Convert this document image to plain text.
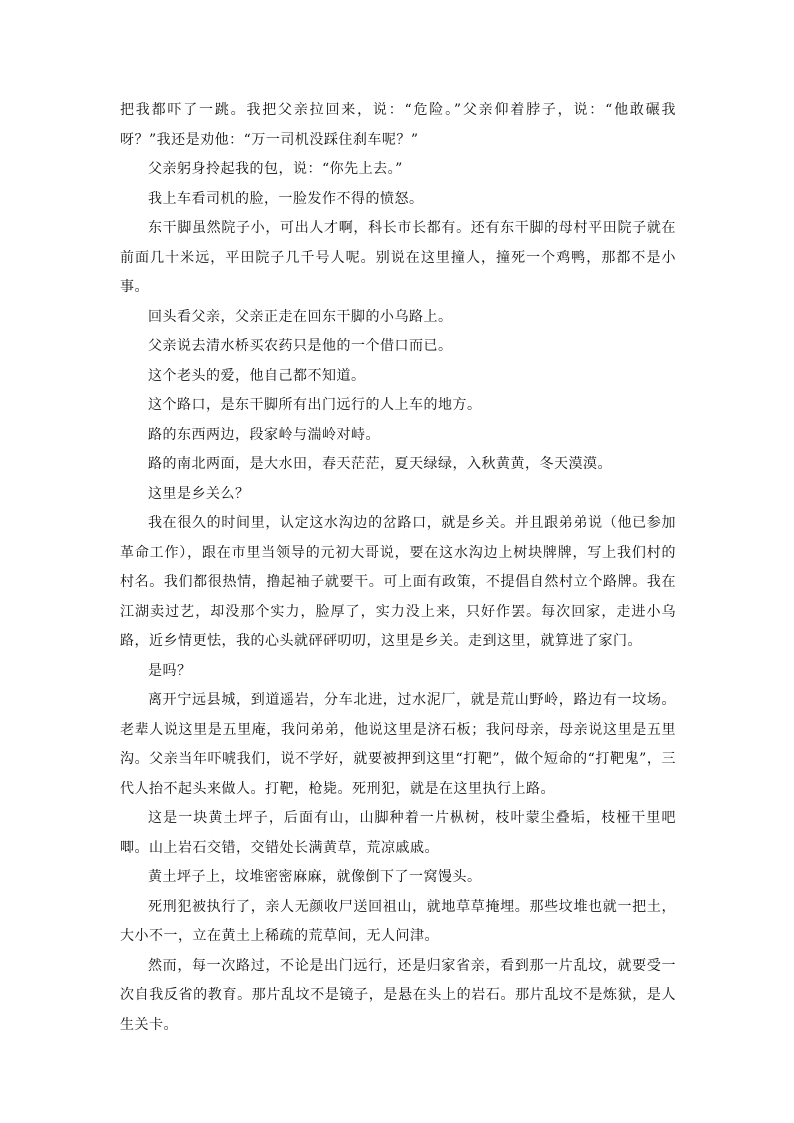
把我都吓了一跳。我把父亲拉回来，说：“危险。”父亲仰着脖子，说：“他敢碾我呀？”我还是劝他：“万一司机没踩住刹车呢？”

父亲躬身拎起我的包，说：“你先上去。”

我上车看司机的脸，一脸发作不得的愤怒。

东干脚虽然院子小，可出人才啊，科长市长都有。还有东干脚的母村平田院子就在前面几十米远，平田院子几千号人呢。别说在这里撞人，撞死一个鸡鸭，那都不是小事。

回头看父亲，父亲正走在回东干脚的小乌路上。

父亲说去清水桥买农药只是他的一个借口而已。

这个老头的爱，他自己都不知道。

这个路口，是东干脚所有出门远行的人上车的地方。

路的东西两边，段家岭与湍岭对峙。

路的南北两面，是大水田，春天茫茫，夏天绿绿，入秋黄黄，冬天漠漠。

这里是乡关么？

我在很久的时间里，认定这水沟边的岔路口，就是乡关。并且跟弟弟说（他已参加革命工作），跟在市里当领导的元初大哥说，要在这水沟边上树块牌牌，写上我们村的村名。我们都很热情，撸起袖子就要干。可上面有政策，不提倡自然村立个路牌。我在江湖卖过艺，却没那个实力，脸厚了，实力没上来，只好作罢。每次回家，走进小乌路，近乡情更怯，我的心头就砰砰叨叨，这里是乡关。走到这里，就算进了家门。

是吗？

离开宁远县城，到道遥岩，分车北进，过水泥厂，就是荒山野岭，路边有一坟场。老辈人说这里是五里庵，我问弟弟，他说这里是济石板；我问母亲，母亲说这里是五里沟。父亲当年吓唬我们，说不学好，就要被押到这里“打靶”，做个短命的“打靶鬼”，三代人抬不起头来做人。打靶，枪毙。死刑犯，就是在这里执行上路。

这是一块黄土坪子，后面有山，山脚种着一片枞树，枝叶蒙尘叠垢，枝桠干里吧唧。山上岩石交错，交错处长满黄草，荒凉戚戚。

黄土坪子上，坟堆密密麻麻，就像倒下了一窝馒头。

死刑犯被执行了，亲人无颜收尸送回祖山，就地草草掩埋。那些坟堆也就一把土，大小不一，立在黄土上稀疏的荒草间，无人问津。

然而，每一次路过，不论是出门远行，还是归家省亲，看到那一片乱坟，就要受一次自我反省的教育。那片乱坟不是镜子，是悬在头上的岩石。那片乱坟不是炼狱，是人生关卡。
